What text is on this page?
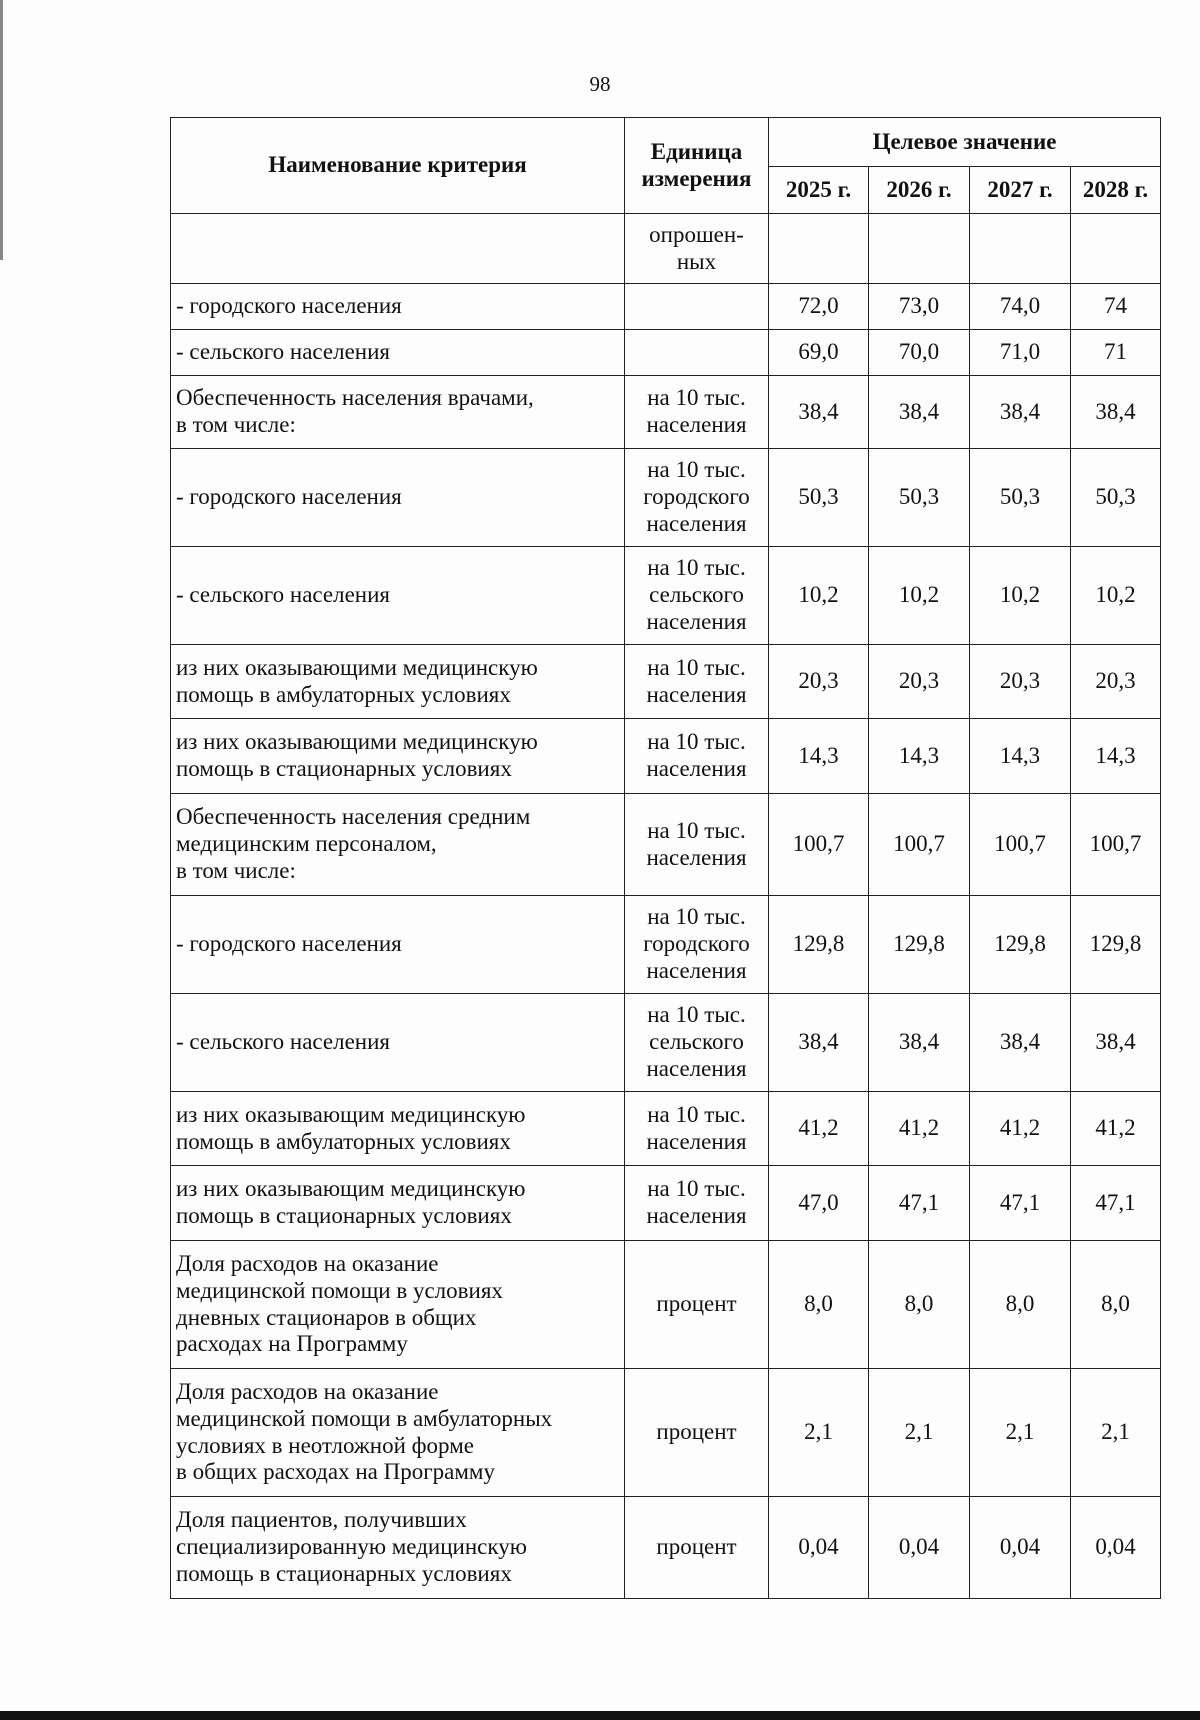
98
Наименование критерия	Единица измерения	Целевое значение			
		2025 г.	2026 г.	2027 г.	2028 г.
	опрошен-
ных				
- городского населения		72,0	73,0	74,0	74
- сельского населения		69,0	70,0	71,0	71
Обеспеченность населения врачами,
в том числе:	на 10 тыс.
населения	38,4	38,4	38,4	38,4
- городского населения	на 10 тыс.
городского
населения	50,3	50,3	50,3	50,3
- сельского населения	на 10 тыс.
сельского
населения	10,2	10,2	10,2	10,2
из них оказывающими медицинскую
помощь в амбулаторных условиях	на 10 тыс.
населения	20,3	20,3	20,3	20,3
из них оказывающими медицинскую
помощь в стационарных условиях	на 10 тыс.
населения	14,3	14,3	14,3	14,3
Обеспеченность населения средним
медицинским персоналом,
в том числе:	на 10 тыс.
населения	100,7	100,7	100,7	100,7
- городского населения	на 10 тыс.
городского
населения	129,8	129,8	129,8	129,8
- сельского населения	на 10 тыс.
сельского
населения	38,4	38,4	38,4	38,4
из них оказывающим медицинскую
помощь в амбулаторных условиях	на 10 тыс.
населения	41,2	41,2	41,2	41,2
из них оказывающим медицинскую
помощь в стационарных условиях	на 10 тыс.
населения	47,0	47,1	47,1	47,1
Доля расходов на оказание
медицинской помощи в условиях
дневных стационаров в общих
расходах на Программу	процент	8,0	8,0	8,0	8,0
Доля расходов на оказание
медицинской помощи в амбулаторных
условиях в неотложной форме
в общих расходах на Программу	процент	2,1	2,1	2,1	2,1
Доля пациентов, получивших
специализированную медицинскую
помощь в стационарных условиях	процент	0,04	0,04	0,04	0,04
